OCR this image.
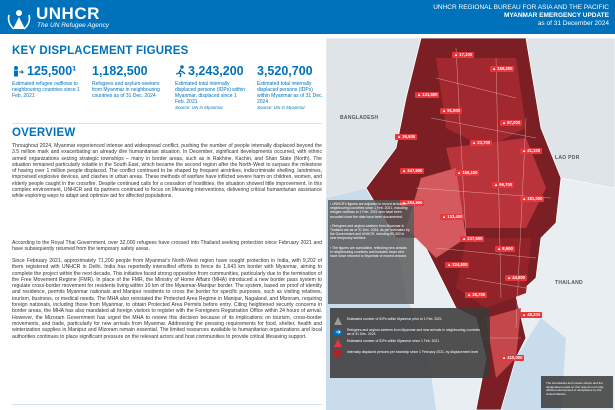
UNHCR
The UN Refugee Agency
UNHCR REGIONAL BUREAU FOR ASIA AND THE PACIFIC
MYANMAR EMERGENCY UPDATE
as of 31 December 2024
KEY DISPLACEMENT FIGURES
125,500¹
Estimated refugee outflows to neighbouring countries since 1 Feb. 2021
1,182,500
Refugees and asylum-seekers from Myanmar in neighbouring countries as of 31 Dec. 2024
3,243,200
Estimated total internally displaced persons (IDPs) within Myanmar, displaced since 1 Feb. 2021
Source: UN in Myanmar
3,520,700
Estimated total internally displaced persons (IDPs) within Myanmar as of 31 Dec. 2024
Source: UN in Myanmar
OVERVIEW
Throughout 2024, Myanmar experienced intense and widespread conflict, pushing the number of people internally displaced beyond the 3.5 million mark and exacerbating an already dire humanitarian situation. In December, significant developments occurred, with ethnic armed organizations seizing strategic townships – many in border areas, such as in Rakhine, Kachin, and Shan State (North). The situation remained particularly volatile in the South East, which became the second region after the North-West to surpass the milestone of having over 1 million people displaced. The conflict continued to be shaped by frequent airstrikes, indiscriminate shelling, landmines, improvised explosive devices, and clashes in urban areas. These methods of warfare have inflicted severe harm on children, women, and elderly people caught in the crossfire. Despite continued calls for a cessation of hostilities, the situation showed little improvement. In this complex environment, UNHCR and its partners continued to focus on lifesaving interventions, delivering critical humanitarian assistance while exploring ways to adapt and optimize aid for affected populations.
According to the Royal Thai Government, over 32,000 refugees have crossed into Thailand seeking protection since February 2021 and have subsequently returned from the temporary safety areas.
Since February 2021, approximately 71,200 people from Myanmar's North-West region have sought protection in India, with 9,202 of them registered with UNHCR in Delhi. India has reportedly intensified efforts to fence its 1,643 km border with Myanmar, aiming to complete the project within the next decade. This initiative faced strong opposition from communities, particularly due to the termination of the Free Movement Regime (FMR). In place of the FMR, the Ministry of Home Affairs (MHA) introduced a new border pass system to regulate cross-border movement for residents living within 10 km of the Myanmar-Manipur border. The system, based on proof of identity and residence, permits Myanmar nationals and Manipur residents to cross the border for specific purposes, such as visiting relatives, tourism, business, or medical needs. The MHA also reinstated the Protected Area Regime in Manipur, Nagaland, and Mizoram, requiring foreign nationals, including those from Myanmar, to obtain Protected Area Permits before entry. Citing heightened security concerns in border areas, the MHA has also mandated all foreign visitors to register with the Foreigners Registration Office within 24 hours of arrival. However, the Mizoram Government has urged the MHA to review this decision because of its implications on tourism, cross-border movements, and trade, particularly for new arrivals from Myanmar. Addressing the pressing requirements for food, shelter, health and winterization supplies in Manipur and Mizoram remain essential. The limited resources available to humanitarian organizations and local authorities continues to place significant pressure on the relevant actors and host communities to provide critical lifesaving support.
BANGLADESH
LAO PDR
THAILAND
▲ 17,100
▲ 158,200
▲ 131,500
▲ 91,500
▲ 87,000
▲ 36,500
▲ 23,700
▲ 41,100
▲ 347,600	▲ 156,100
▲ 96,700
▲ 181,000
▲ 254,900
▲ 133,400
▲ 237,600
▲ 8,900
▲ 224,800
▲ 44,800
▲ 38,700
▲ 48,200
▲ 410,000

¹ UNHCR's figures are adjusted to record arrivals in neighbouring countries since 1 Feb. 2021, including refugee outflows to 1 Feb. 2021 who have been recorded since the data have been documented.

² Refugees and asylum-seekers from Myanmar in Thailand are as of 31 Dec. 2024, as per estimates by the Government and UNHCR, including 90,300 in nine temporary shelters.

³ The figures are cumulative, reflecting new arrivals in neighbouring countries and includes those who have since returned to Myanmar or moved onward.

Estimated number of IDPs within Myanmar prior to 1 Feb. 2021
Refugees and asylum-seekers from Myanmar and new arrivals in neighbouring countries as of 31 Dec. 2024
Estimated number of IDPs within Myanmar since 1 Feb. 2021
Internally displaced persons per township since 1 February 2021, by displacement level
The boundaries and names shown and the designations used on this map do not imply official endorsement or acceptance by the United Nations.
